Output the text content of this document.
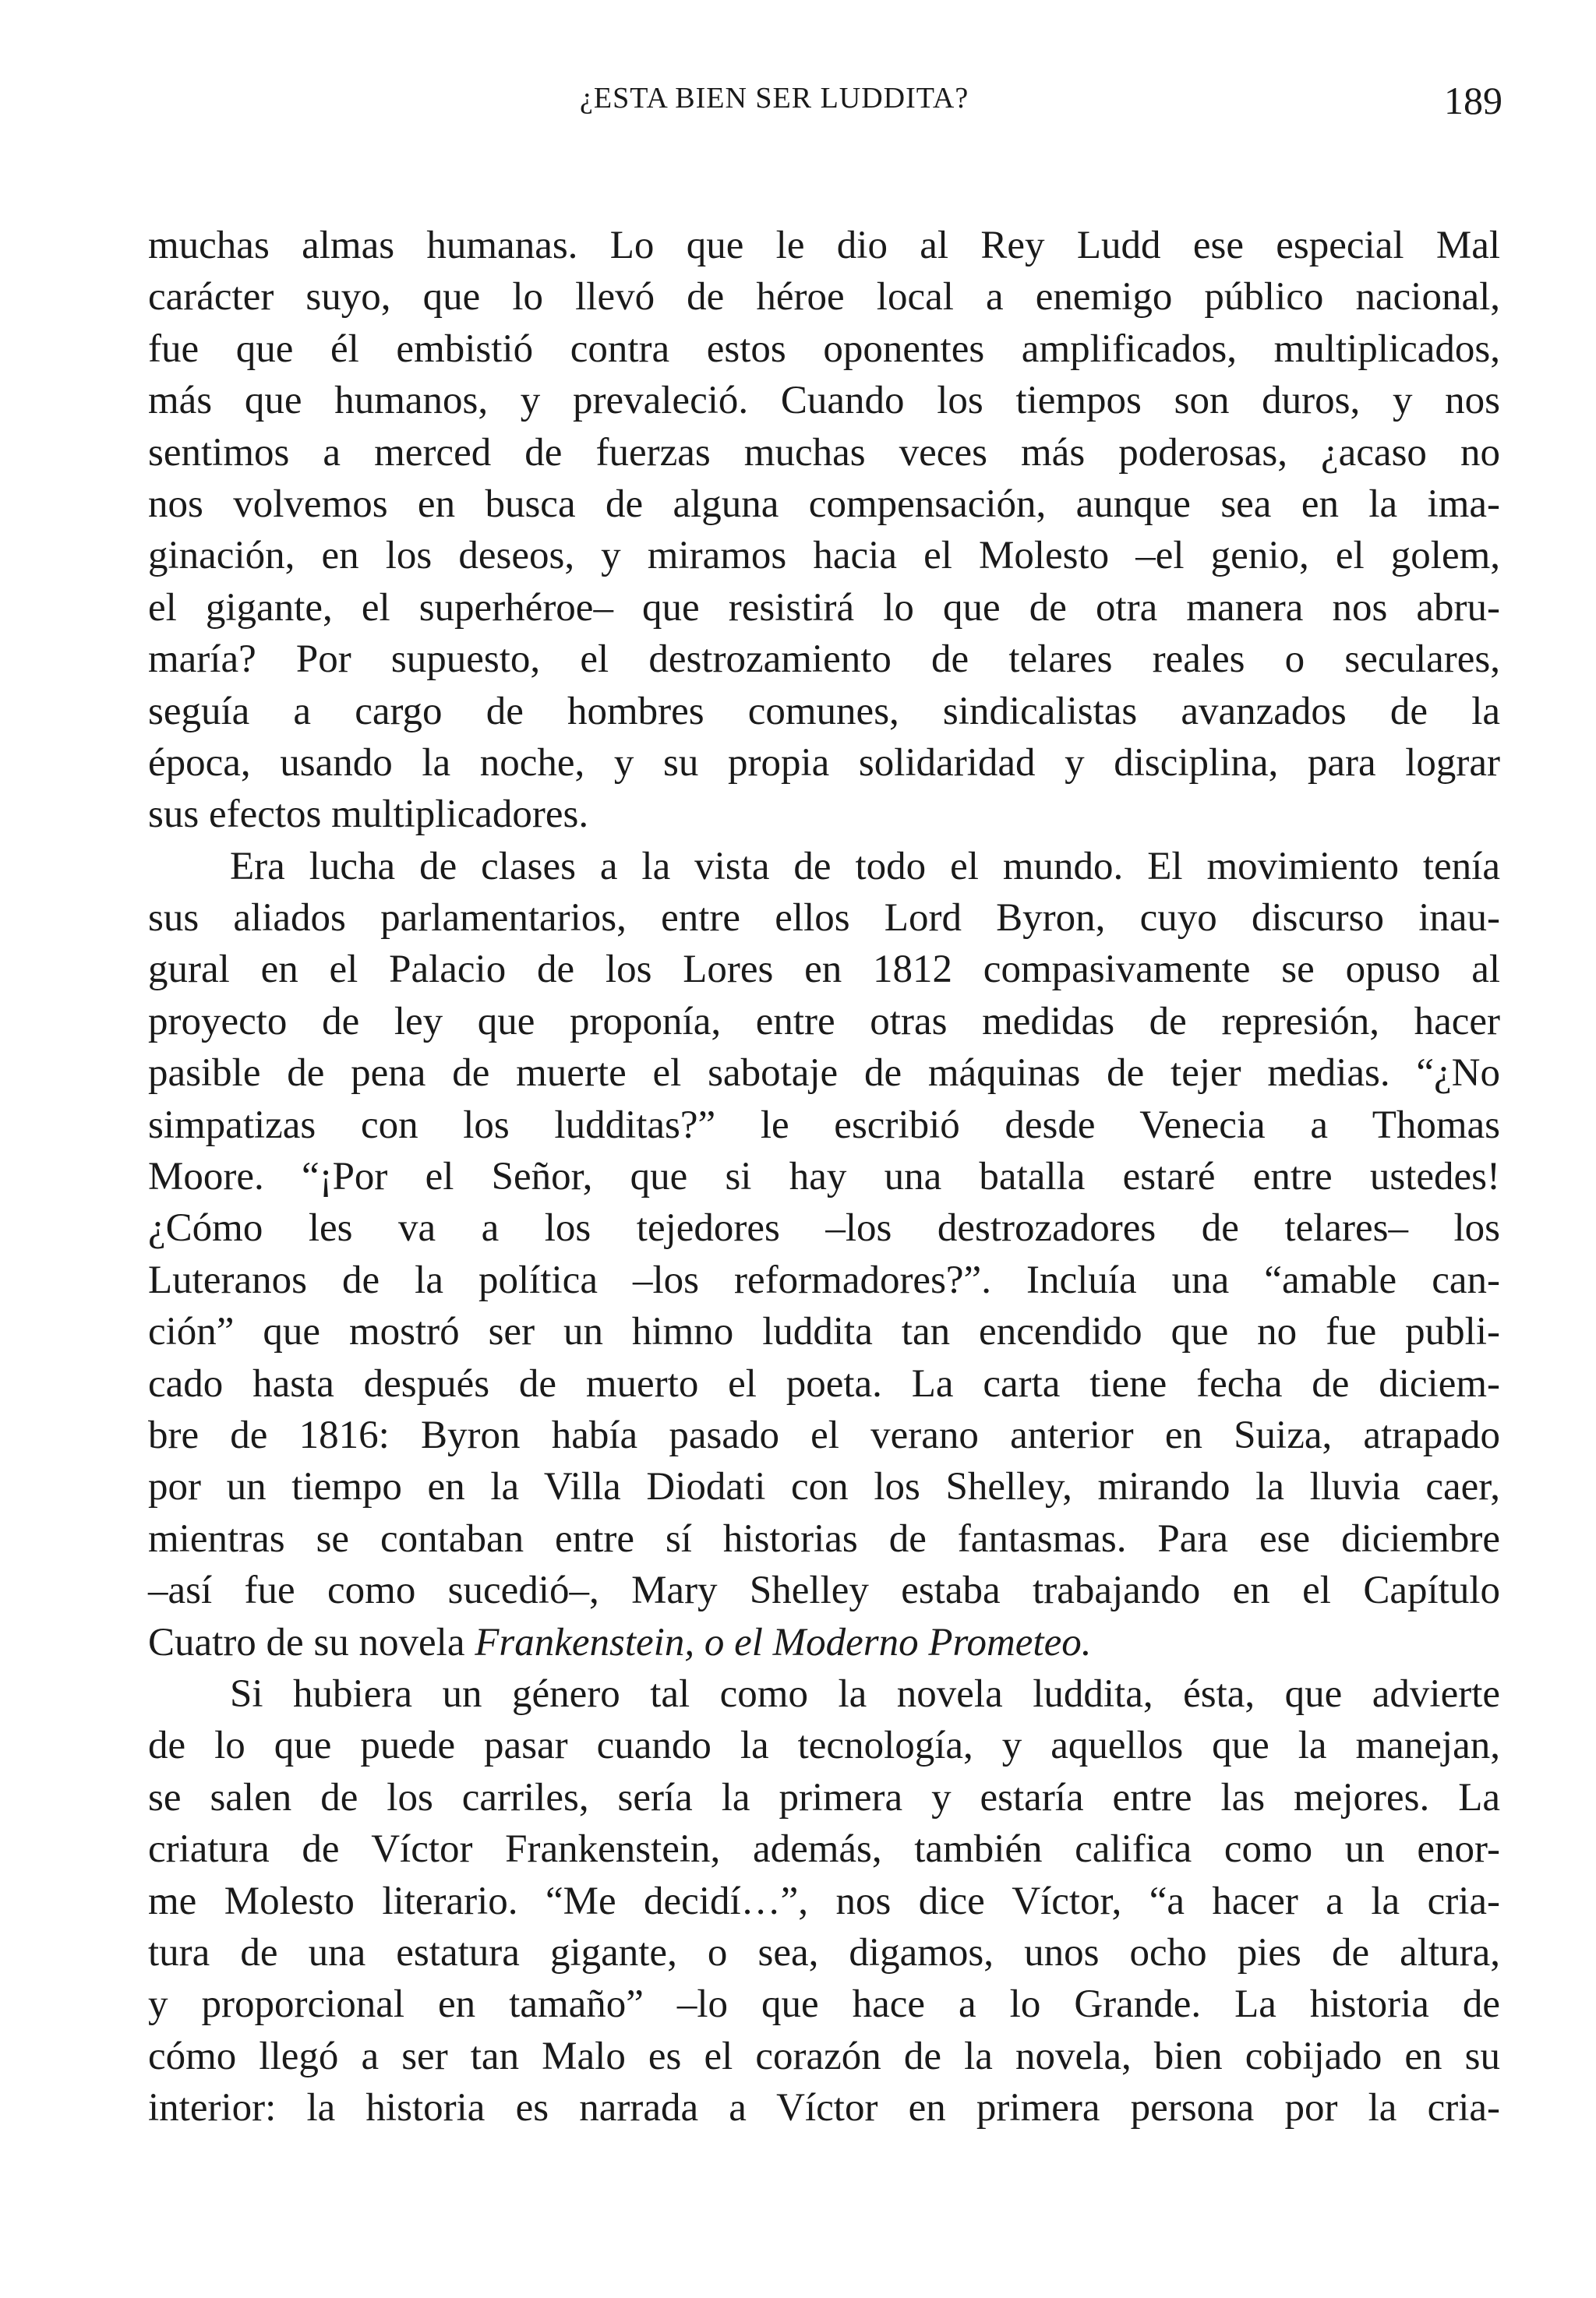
¿ESTA BIEN SER LUDDITA?	189
muchas almas humanas. Lo que le dio al Rey Ludd ese especial Mal
carácter suyo, que lo llevó de héroe local a enemigo público nacional,
fue que él embistió contra estos oponentes amplificados, multiplicados,
más que humanos, y prevaleció. Cuando los tiempos son duros, y nos
sentimos a merced de fuerzas muchas veces más poderosas, ¿acaso no
nos volvemos en busca de alguna compensación, aunque sea en la ima-
ginación, en los deseos, y miramos hacia el Molesto –el genio, el golem,
el gigante, el superhéroe– que resistirá lo que de otra manera nos abru-
maría? Por supuesto, el destrozamiento de telares reales o seculares,
seguía a cargo de hombres comunes, sindicalistas avanzados de la
época, usando la noche, y su propia solidaridad y disciplina, para lograr
sus efectos multiplicadores.
Era lucha de clases a la vista de todo el mundo. El movimiento tenía
sus aliados parlamentarios, entre ellos Lord Byron, cuyo discurso inau-
gural en el Palacio de los Lores en 1812 compasivamente se opuso al
proyecto de ley que proponía, entre otras medidas de represión, hacer
pasible de pena de muerte el sabotaje de máquinas de tejer medias. “¿No
simpatizas con los ludditas?” le escribió desde Venecia a Thomas
Moore. “¡Por el Señor, que si hay una batalla estaré entre ustedes!
¿Cómo les va a los tejedores –los destrozadores de telares– los
Luteranos de la política –los reformadores?”. Incluía una “amable can-
ción” que mostró ser un himno luddita tan encendido que no fue publi-
cado hasta después de muerto el poeta. La carta tiene fecha de diciem-
bre de 1816: Byron había pasado el verano anterior en Suiza, atrapado
por un tiempo en la Villa Diodati con los Shelley, mirando la lluvia caer,
mientras se contaban entre sí historias de fantasmas. Para ese diciembre
–así fue como sucedió–, Mary Shelley estaba trabajando en el Capítulo
Cuatro de su novela Frankenstein, o el Moderno Prometeo.
Si hubiera un género tal como la novela luddita, ésta, que advierte
de lo que puede pasar cuando la tecnología, y aquellos que la manejan,
se salen de los carriles, sería la primera y estaría entre las mejores. La
criatura de Víctor Frankenstein, además, también califica como un enor-
me Molesto literario. “Me decidí…”, nos dice Víctor, “a hacer a la cria-
tura de una estatura gigante, o sea, digamos, unos ocho pies de altura,
y proporcional en tamaño” –lo que hace a lo Grande. La historia de
cómo llegó a ser tan Malo es el corazón de la novela, bien cobijado en su
interior: la historia es narrada a Víctor en primera persona por la cria-
